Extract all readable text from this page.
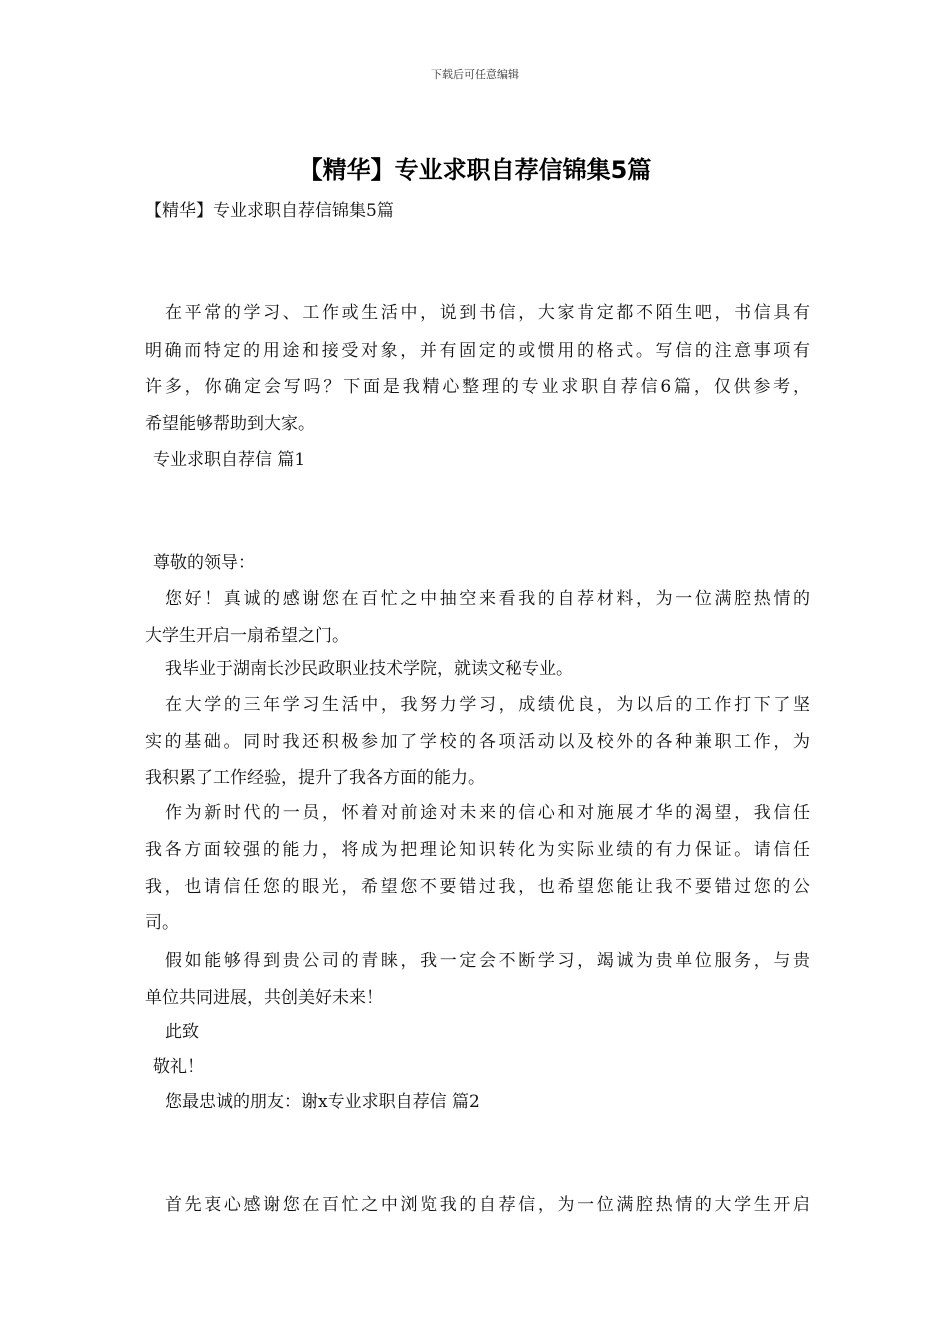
下载后可任意编辑
【精华】专业求职自荐信锦集5篇

【精华】专业求职自荐信锦集5篇

在平常的学习、工作或生活中，说到书信，大家肯定都不陌生吧，书信具有

明确而特定的用途和接受对象，并有固定的或惯用的格式。写信的注意事项有

许多，你确定会写吗？下面是我精心整理的专业求职自荐信6篇，仅供参考，

希望能够帮助到大家。

专业求职自荐信 篇1

尊敬的领导：

您好！真诚的感谢您在百忙之中抽空来看我的自荐材料，为一位满腔热情的

大学生开启一扇希望之门。

我毕业于湖南长沙民政职业技术学院，就读文秘专业。

在大学的三年学习生活中，我努力学习，成绩优良，为以后的工作打下了坚

实的基础。同时我还积极参加了学校的各项活动以及校外的各种兼职工作，为

我积累了工作经验，提升了我各方面的能力。

作为新时代的一员，怀着对前途对未来的信心和对施展才华的渴望，我信任

我各方面较强的能力，将成为把理论知识转化为实际业绩的有力保证。请信任

我，也请信任您的眼光，希望您不要错过我，也希望您能让我不要错过您的公

司。

假如能够得到贵公司的青睐，我一定会不断学习，竭诚为贵单位服务，与贵

单位共同进展，共创美好未来！

此致

敬礼！

您最忠诚的朋友：谢x专业求职自荐信 篇2

首先衷心感谢您在百忙之中浏览我的自荐信，为一位满腔热情的大学生开启
